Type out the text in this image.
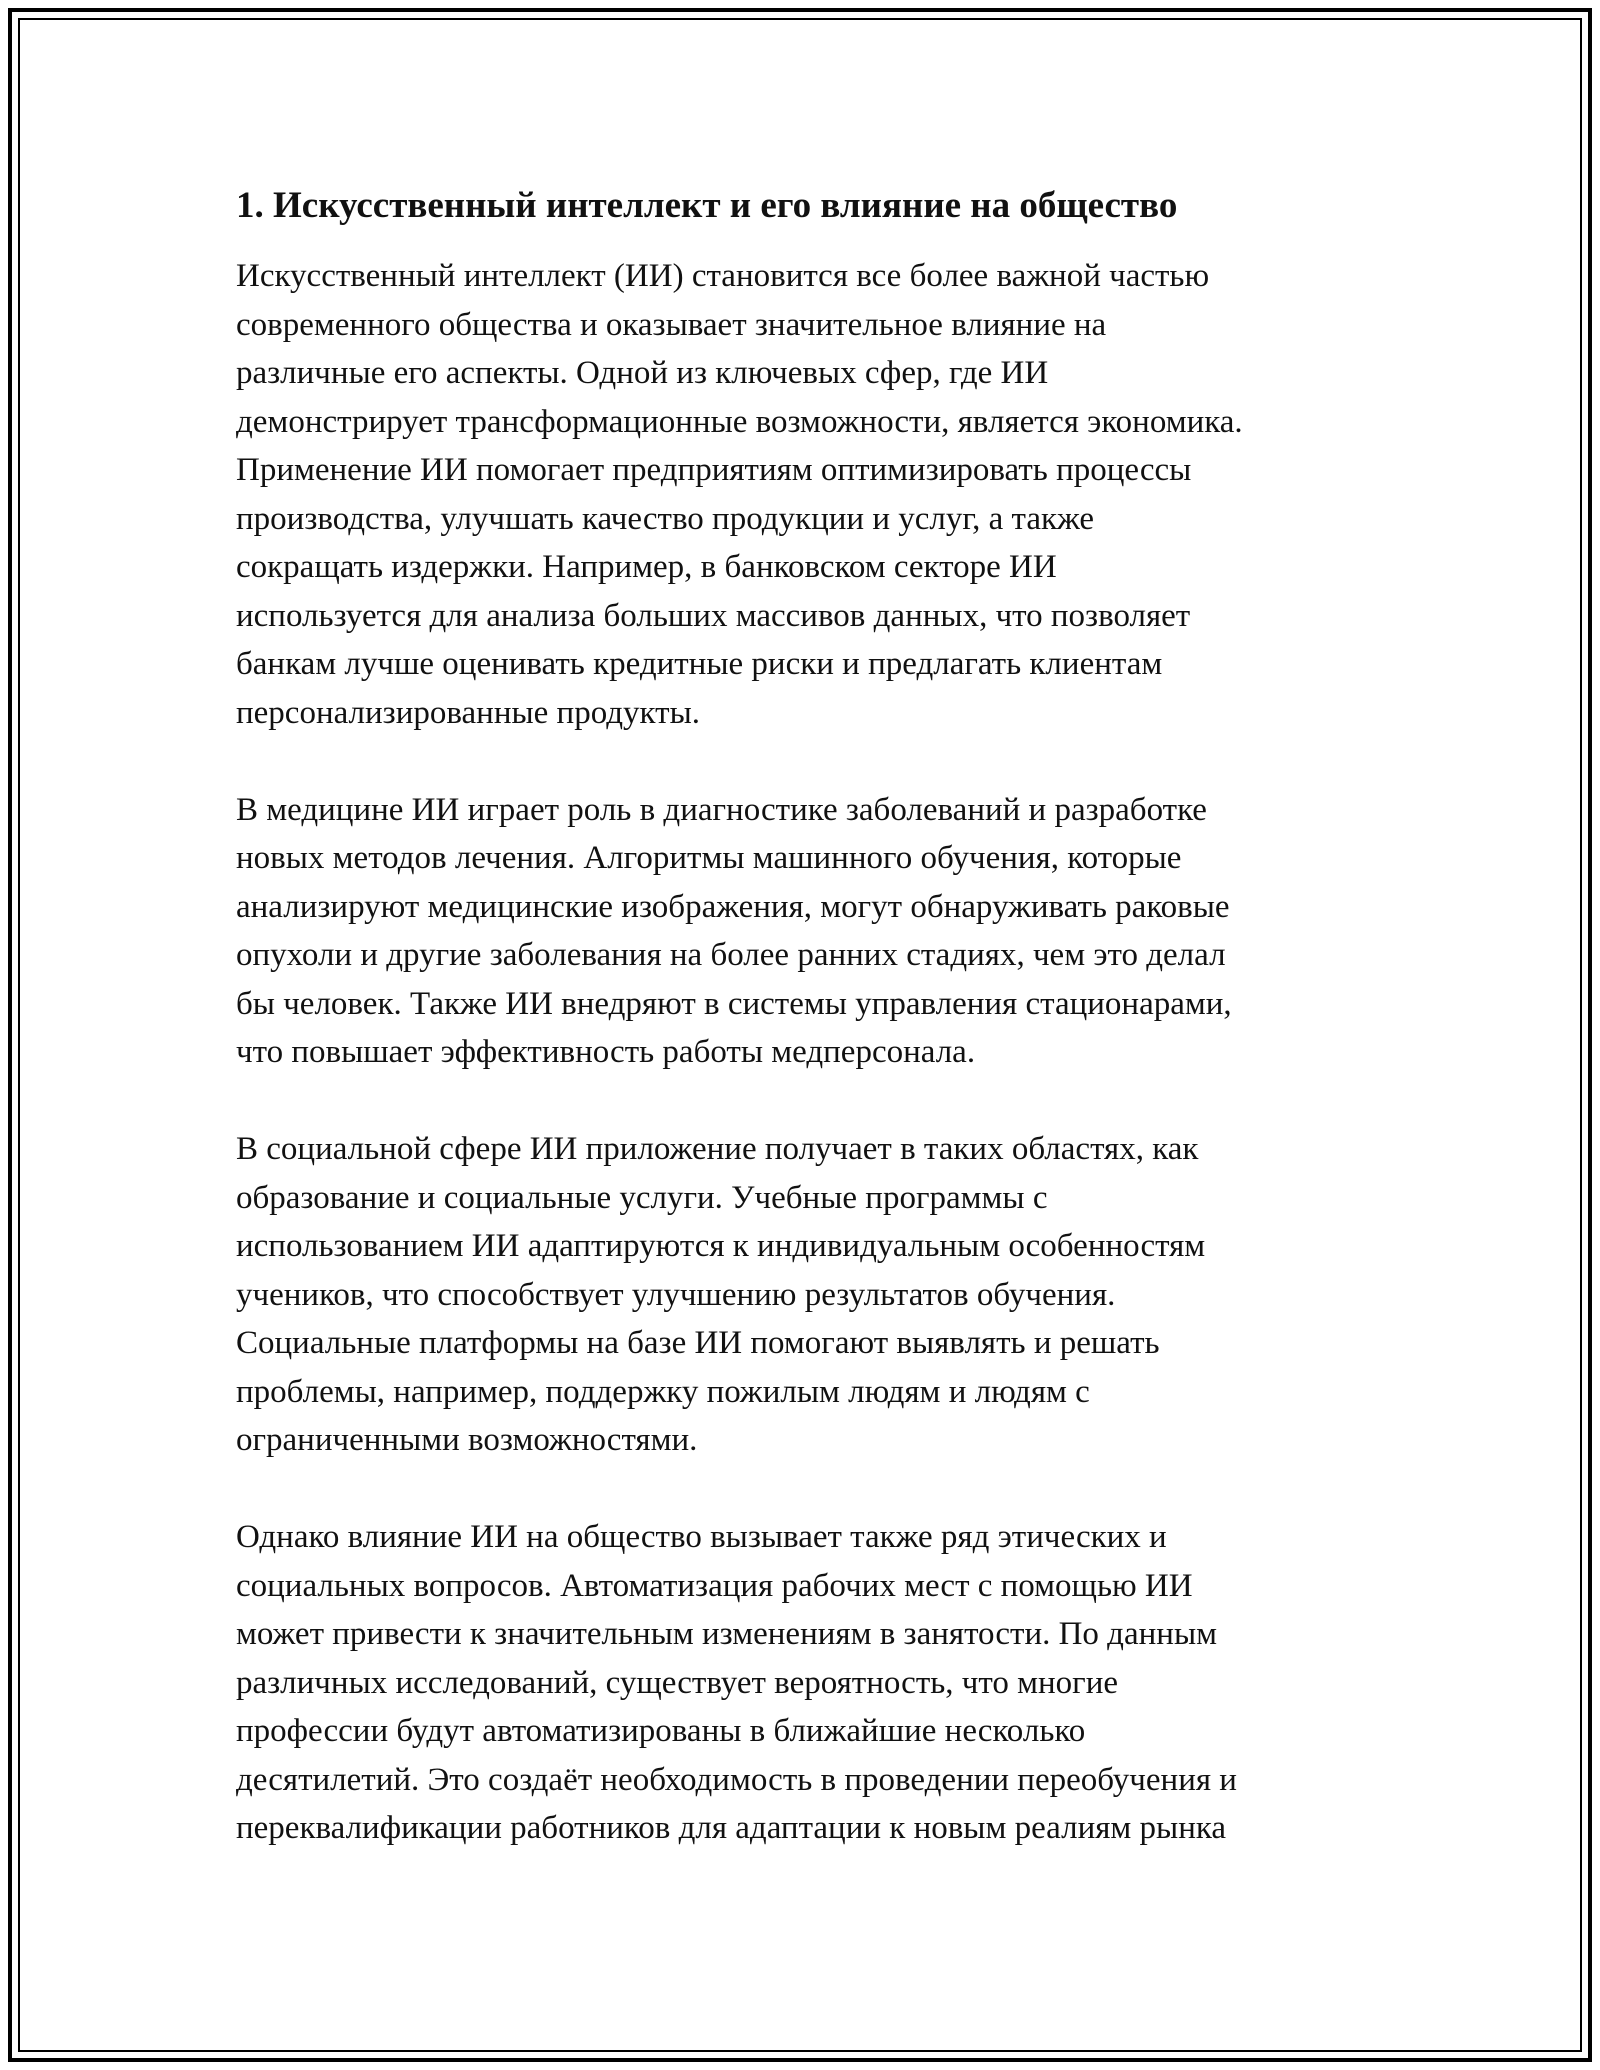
1. Искусственный интеллект и его влияние на общество
Искусственный интеллект (ИИ) становится все более важной частью
современного общества и оказывает значительное влияние на
различные его аспекты. Одной из ключевых сфер, где ИИ
демонстрирует трансформационные возможности, является экономика.
Применение ИИ помогает предприятиям оптимизировать процессы
производства, улучшать качество продукции и услуг, а также
сокращать издержки. Например, в банковском секторе ИИ
используется для анализа больших массивов данных, что позволяет
банкам лучше оценивать кредитные риски и предлагать клиентам
персонализированные продукты.
В медицине ИИ играет роль в диагностике заболеваний и разработке
новых методов лечения. Алгоритмы машинного обучения, которые
анализируют медицинские изображения, могут обнаруживать раковые
опухоли и другие заболевания на более ранних стадиях, чем это делал
бы человек. Также ИИ внедряют в системы управления стационарами,
что повышает эффективность работы медперсонала.
В социальной сфере ИИ приложение получает в таких областях, как
образование и социальные услуги. Учебные программы с
использованием ИИ адаптируются к индивидуальным особенностям
учеников, что способствует улучшению результатов обучения.
Социальные платформы на базе ИИ помогают выявлять и решать
проблемы, например, поддержку пожилым людям и людям с
ограниченными возможностями.
Однако влияние ИИ на общество вызывает также ряд этических и
социальных вопросов. Автоматизация рабочих мест с помощью ИИ
может привести к значительным изменениям в занятости. По данным
различных исследований, существует вероятность, что многие
профессии будут автоматизированы в ближайшие несколько
десятилетий. Это создаёт необходимость в проведении переобучения и
переквалификации работников для адаптации к новым реалиям рынка
